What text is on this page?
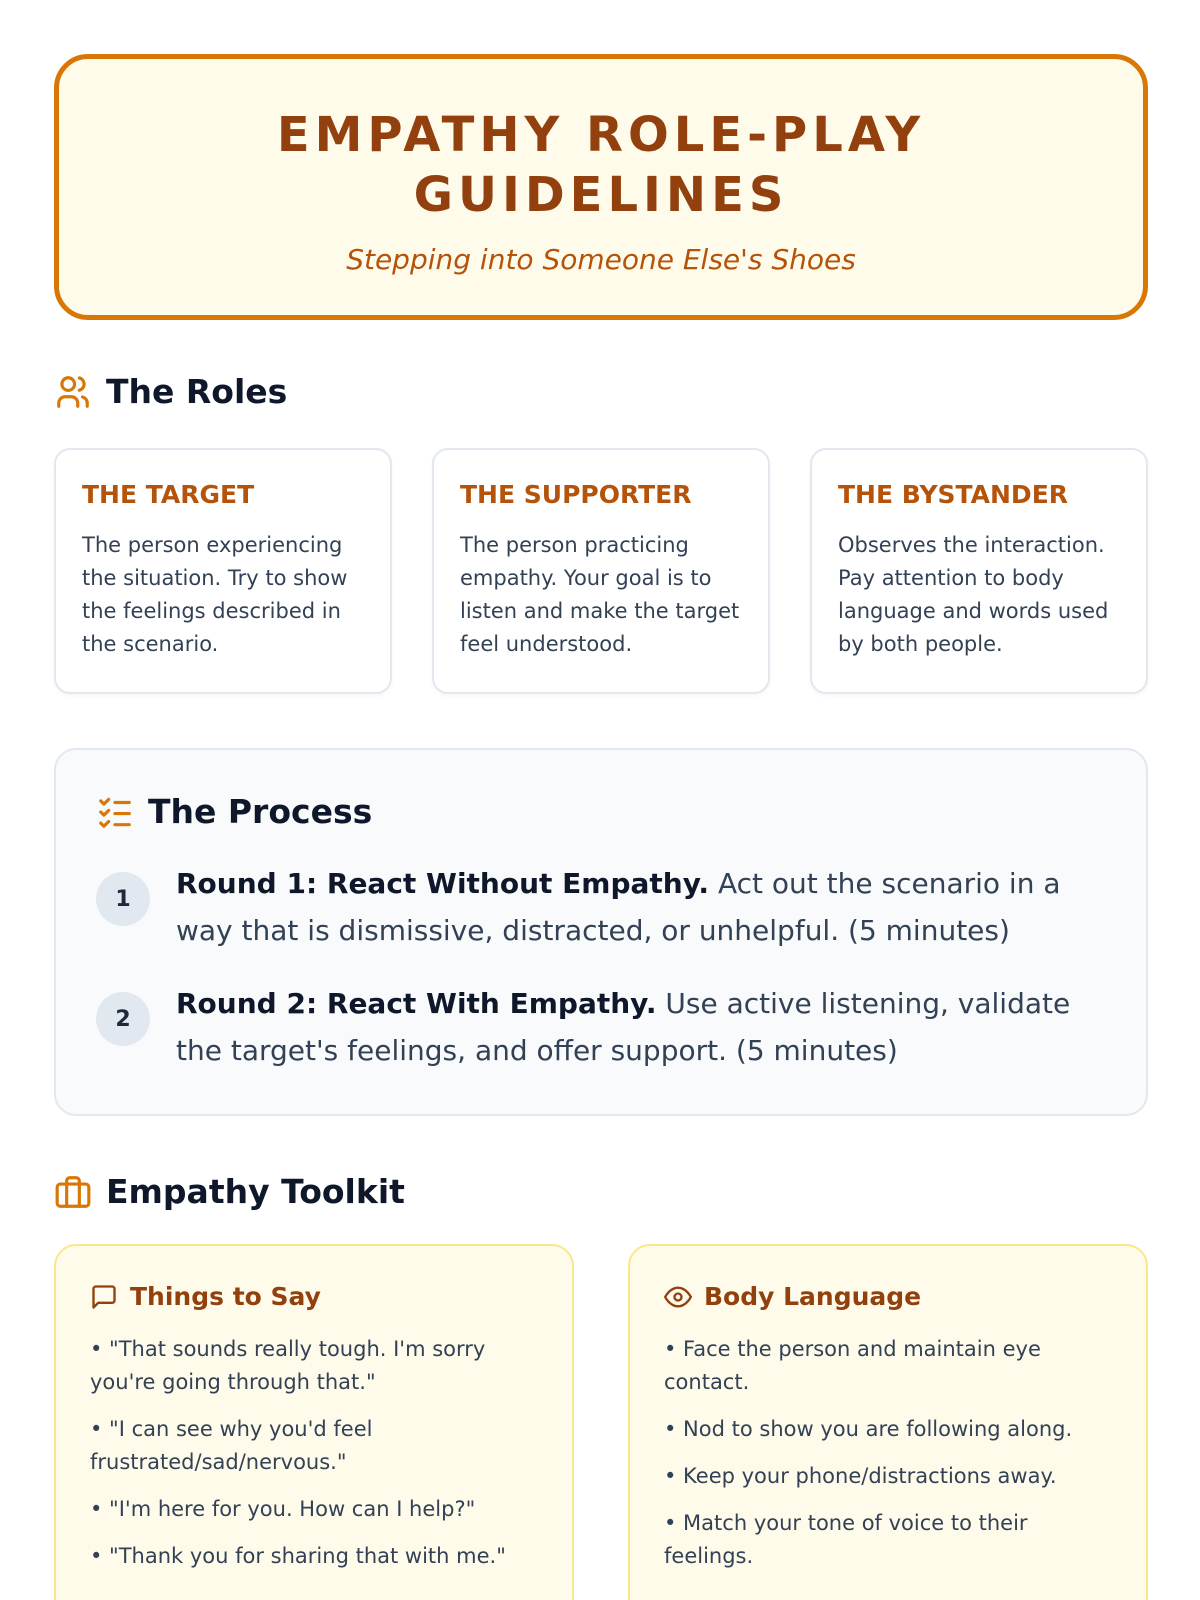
EMPATHY ROLE-PLAY
GUIDELINES
Stepping into Someone Else's Shoes
The Roles
THE TARGET

The person experiencing the situation. Try to show the feelings described in the scenario.

THE SUPPORTER

The person practicing empathy. Your goal is to listen and make the target feel understood.

THE BYSTANDER

Observes the interaction. Pay attention to body language and words used by both people.

The Process
1	Round 1: React Without Empathy. Act out the scenario in a way that is dismissive, distracted, or unhelpful. (5 minutes)
2	Round 2: React With Empathy. Use active listening, validate the target's feelings, and offer support. (5 minutes)
Empathy Toolkit
Things to Say
• "That sounds really tough. I'm sorry you're going through that."
• "I can see why you'd feel frustrated/sad/nervous."
• "I'm here for you. How can I help?"
• "Thank you for sharing that with me."
Body Language
• Face the person and maintain eye contact.
• Nod to show you are following along.
• Keep your phone/distractions away.
• Match your tone of voice to their feelings.
